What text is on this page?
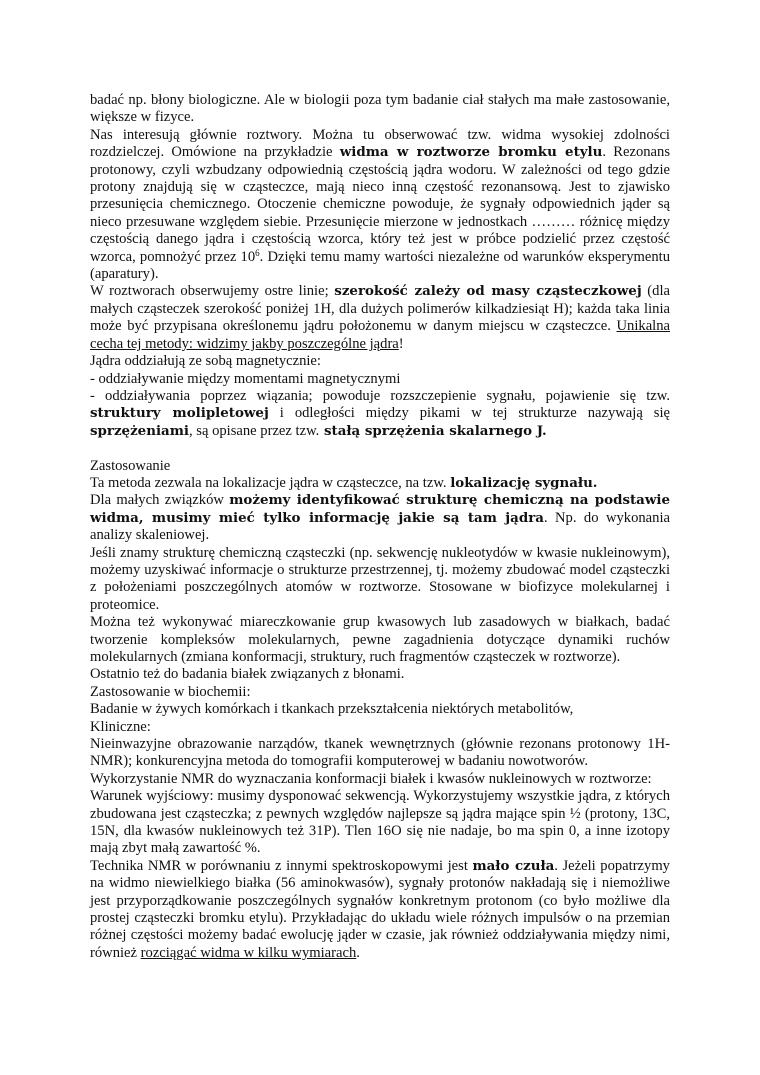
badać np. błony biologiczne. Ale w biologii poza tym badanie ciał stałych ma małe zastosowanie, większe w fizyce.

Nas interesują głównie roztwory. Można tu obserwować tzw. widma wysokiej zdolności rozdzielczej. Omówione na przykładzie widma w roztworze bromku etylu. Rezonans protonowy, czyli wzbudzany odpowiednią częstością jądra wodoru. W zależności od tego gdzie protony znajdują się w cząsteczce, mają nieco inną częstość rezonansową. Jest to zjawisko przesunięcia chemicznego. Otoczenie chemiczne powoduje, że sygnały odpowiednich jąder są nieco przesuwane względem siebie. Przesunięcie mierzone w jednostkach ……… różnicę między częstością danego jądra i częstością wzorca, który też jest w próbce podzielić przez częstość wzorca, pomnożyć przez $10^6$. Dzięki temu mamy wartości niezależne od warunków eksperymentu (aparatury).

W roztworach obserwujemy ostre linie; szerokość zależy od masy cząsteczkowej (dla małych cząsteczek szerokość poniżej 1H, dla dużych polimerów kilkadziesiąt H); każda taka linia może być przypisana określonemu jądru położonemu w danym miejscu w cząsteczce. Unikalna cecha tej metody: widzimy jakby poszczególne jądra!

Jądra oddziałują ze sobą magnetycznie:

- oddziaływanie między momentami magnetycznymi

- oddziaływania poprzez wiązania; powoduje rozszczepienie sygnału, pojawienie się tzw. struktury molipletowej i odległości między pikami w tej strukturze nazywają się sprzężeniami, są opisane przez tzw. stałą sprzężenia skalarnego J.

Zastosowanie

Ta metoda zezwala na lokalizacje jądra w cząsteczce, na tzw. lokalizację sygnału.

Dla małych związków możemy identyfikować strukturę chemiczną na podstawie widma, musimy mieć tylko informację jakie są tam jądra. Np. do wykonania analizy skaleniowej.

Jeśli znamy strukturę chemiczną cząsteczki (np. sekwencję nukleotydów w kwasie nukleinowym), możemy uzyskiwać informacje o strukturze przestrzennej, tj. możemy zbudować model cząsteczki z położeniami poszczególnych atomów w roztworze. Stosowane w biofizyce molekularnej i proteomice.

Można też wykonywać miareczkowanie grup kwasowych lub zasadowych w białkach, badać tworzenie kompleksów molekularnych, pewne zagadnienia dotyczące dynamiki ruchów molekularnych (zmiana konformacji, struktury, ruch fragmentów cząsteczek w roztworze).

Ostatnio też do badania białek związanych z błonami.

Zastosowanie w biochemii:

Badanie w żywych komórkach i tkankach przekształcenia niektórych metabolitów,

Kliniczne:

Nieinwazyjne obrazowanie narządów, tkanek wewnętrznych (głównie rezonans protonowy 1H-NMR); konkurencyjna metoda do tomografii komputerowej w badaniu nowotworów.

Wykorzystanie NMR do wyznaczania konformacji białek i kwasów nukleinowych w roztworze:

Warunek wyjściowy: musimy dysponować sekwencją. Wykorzystujemy wszystkie jądra, z których zbudowana jest cząsteczka; z pewnych względów najlepsze są jądra mające spin ½ (protony, 13C, 15N, dla kwasów nukleinowych też 31P). Tlen 16O się nie nadaje, bo ma spin 0, a inne izotopy mają zbyt małą zawartość %.

Technika NMR w porównaniu z innymi spektroskopowymi jest mało czuła. Jeżeli popatrzymy na widmo niewielkiego białka (56 aminokwasów), sygnały protonów nakładają się i niemożliwe jest przyporządkowanie poszczególnych sygnałów konkretnym protonom (co było możliwe dla prostej cząsteczki bromku etylu). Przykładając do układu wiele różnych impulsów o na przemian różnej częstości możemy badać ewolucję jąder w czasie, jak również oddziaływania między nimi, również rozciągać widma w kilku wymiarach.
